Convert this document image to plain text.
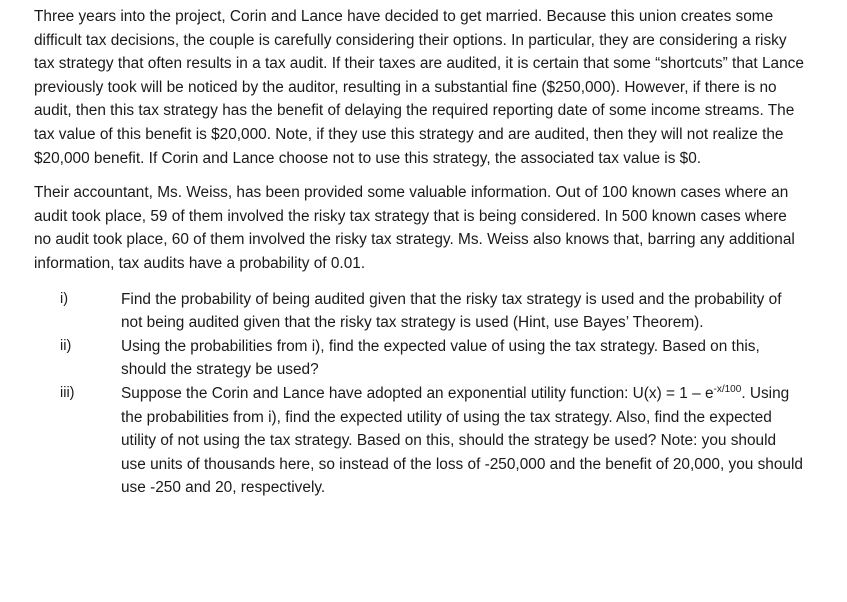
Three years into the project, Corin and Lance have decided to get married. Because this union creates some difficult tax decisions, the couple is carefully considering their options. In particular, they are considering a risky tax strategy that often results in a tax audit. If their taxes are audited, it is certain that some “shortcuts” that Lance previously took will be noticed by the auditor, resulting in a substantial fine ($250,000). However, if there is no audit, then this tax strategy has the benefit of delaying the required reporting date of some income streams. The tax value of this benefit is $20,000. Note, if they use this strategy and are audited, then they will not realize the $20,000 benefit. If Corin and Lance choose not to use this strategy, the associated tax value is $0.

Their accountant, Ms. Weiss, has been provided some valuable information. Out of 100 known cases where an audit took place, 59 of them involved the risky tax strategy that is being considered. In 500 known cases where no audit took place, 60 of them involved the risky tax strategy. Ms. Weiss also knows that, barring any additional information, tax audits have a probability of 0.01.

i)	Find the probability of being audited given that the risky tax strategy is used and the probability of not being audited given that the risky tax strategy is used (Hint, use Bayes’ Theorem).
ii)	Using the probabilities from i), find the expected value of using the tax strategy. Based on this, should the strategy be used?
iii)	Suppose the Corin and Lance have adopted an exponential utility function: $U(x) = 1 - e^{-x/100}$. Using the probabilities from i), find the expected utility of using the tax strategy. Also, find the expected utility of not using the tax strategy. Based on this, should the strategy be used? Note: you should use units of thousands here, so instead of the loss of -250,000 and the benefit of 20,000, you should use -250 and 20, respectively.
